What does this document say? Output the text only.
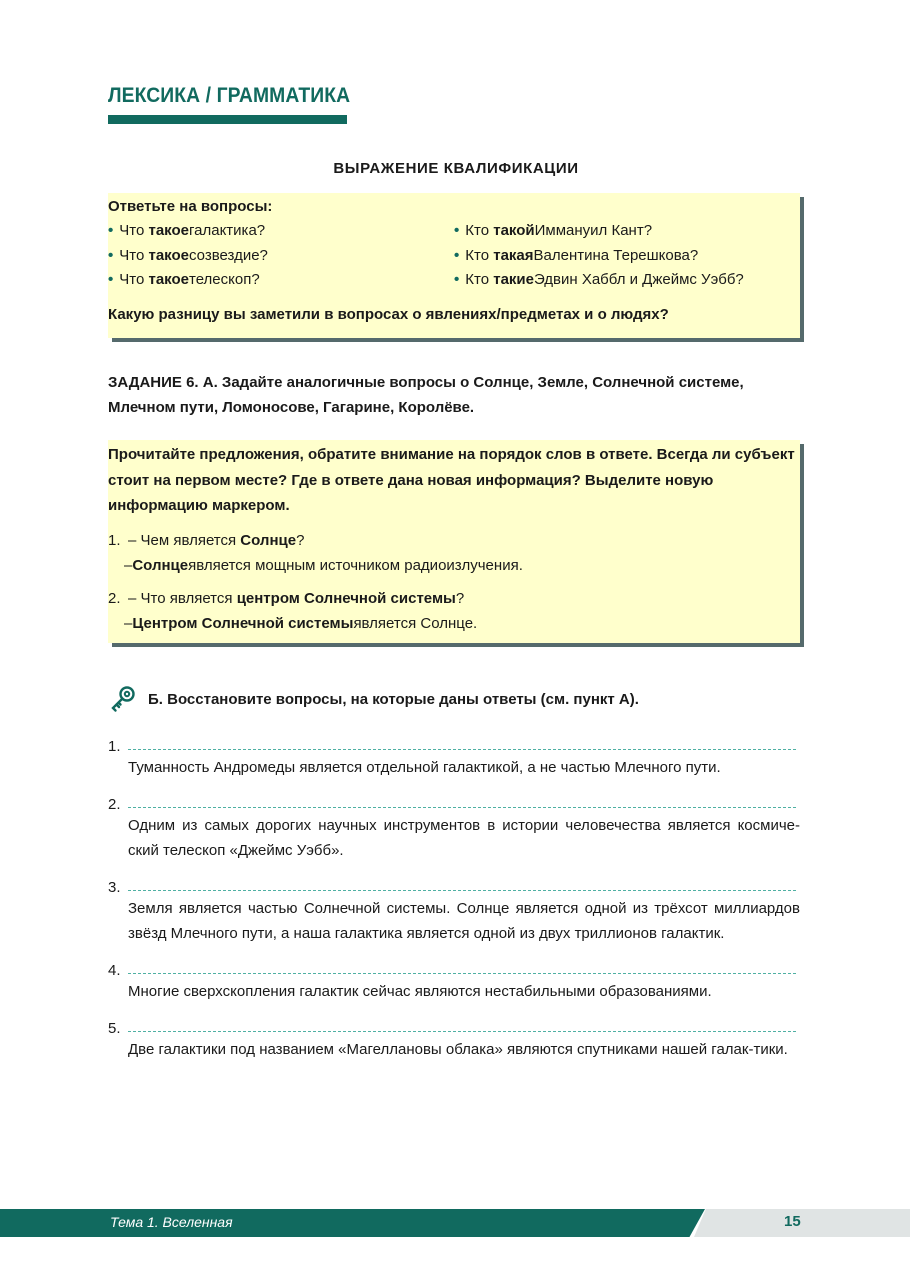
ЛЕКСИКА / ГРАММАТИКА
ВЫРАЖЕНИЕ КВАЛИФИКАЦИИ
Ответьте на вопросы:
• Что
такое галактика?
• Что
такое созвездие?
• Что
такое телескоп?
• Кто
такой Иммануил Кант?
• Кто
такая Валентина Терешкова?
• Кто
такие Эдвин Хаббл и Джеймс Уэбб?
Какую разницу вы заметили в вопросах о явлениях/предметах и о людях?
ЗАДАНИЕ 6. А. Задайте аналогичные вопросы о Солнце, Земле, Солнечной системе, Млечном пути, Ломоносове, Гагарине, Королёве.

Прочитайте предложения, обратите внимание на порядок слов в ответе. Всегда ли субъект стоит на первом месте? Где в ответе дана новая информация? Выделите новую информацию маркером.

1. – Чем является Солнце?
– Солнце является мощным источником радиоизлучения.
2. – Что является центром Солнечной системы?
– Центром Солнечной системы является Солнце.
Б. Восстановите вопросы, на которые даны ответы (см. пункт А).
1.
Туманность Андромеды является отдельной галактикой, а не частью Млечного пути.
2.
Одним из самых дорогих научных инструментов в истории человечества является космиче-ский телескоп «Джеймс Уэбб».
3.
Земля является частью Солнечной системы. Солнце является одной из трёхсот миллиардов звёзд Млечного пути, а наша галактика является одной из двух триллионов галактик.
4.
Многие сверхскопления галактик сейчас являются нестабильными образованиями.
5.
Две галактики под названием «Магеллановы облака» являются спутниками нашей галак-тики.
Тема 1. Вселенная	15
